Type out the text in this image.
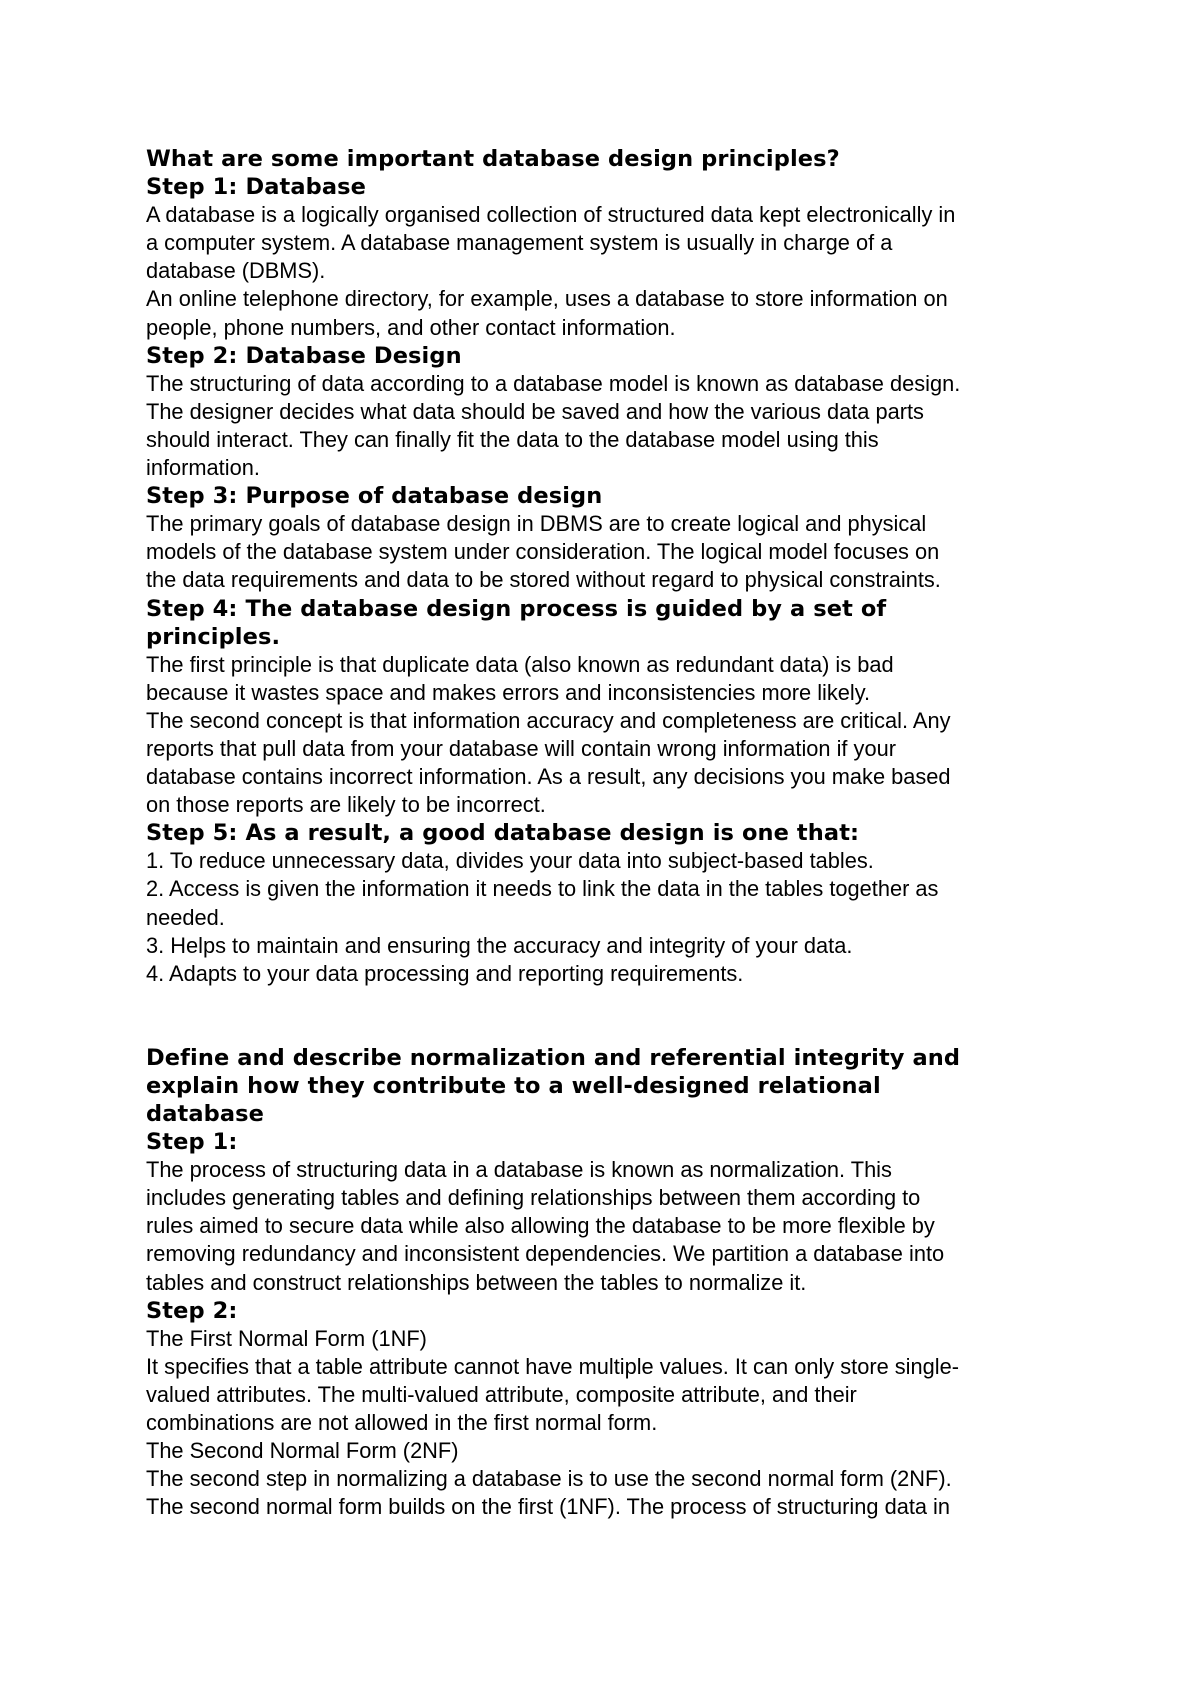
What are some important database design principles?
Step 1: Database
A database is a logically organised collection of structured data kept electronically in
a computer system. A database management system is usually in charge of a
database (DBMS).
An online telephone directory, for example, uses a database to store information on
people, phone numbers, and other contact information.
Step 2: Database Design
The structuring of data according to a database model is known as database design.
The designer decides what data should be saved and how the various data parts
should interact. They can finally fit the data to the database model using this
information.
Step 3: Purpose of database design
The primary goals of database design in DBMS are to create logical and physical
models of the database system under consideration. The logical model focuses on
the data requirements and data to be stored without regard to physical constraints.
Step 4: The database design process is guided by a set of
principles.
The first principle is that duplicate data (also known as redundant data) is bad
because it wastes space and makes errors and inconsistencies more likely.
The second concept is that information accuracy and completeness are critical. Any
reports that pull data from your database will contain wrong information if your
database contains incorrect information. As a result, any decisions you make based
on those reports are likely to be incorrect.
Step 5: As a result, a good database design is one that:
1. To reduce unnecessary data, divides your data into subject-based tables.
2. Access is given the information it needs to link the data in the tables together as
needed.
3. Helps to maintain and ensuring the accuracy and integrity of your data.
4. Adapts to your data processing and reporting requirements.
Define and describe normalization and referential integrity and
explain how they contribute to a well-designed relational
database
Step 1:
The process of structuring data in a database is known as normalization. This
includes generating tables and defining relationships between them according to
rules aimed to secure data while also allowing the database to be more flexible by
removing redundancy and inconsistent dependencies. We partition a database into
tables and construct relationships between the tables to normalize it.
Step 2:
The First Normal Form (1NF)
It specifies that a table attribute cannot have multiple values. It can only store single-
valued attributes. The multi-valued attribute, composite attribute, and their
combinations are not allowed in the first normal form.
The Second Normal Form (2NF)
The second step in normalizing a database is to use the second normal form (2NF).
The second normal form builds on the first (1NF). The process of structuring data in
